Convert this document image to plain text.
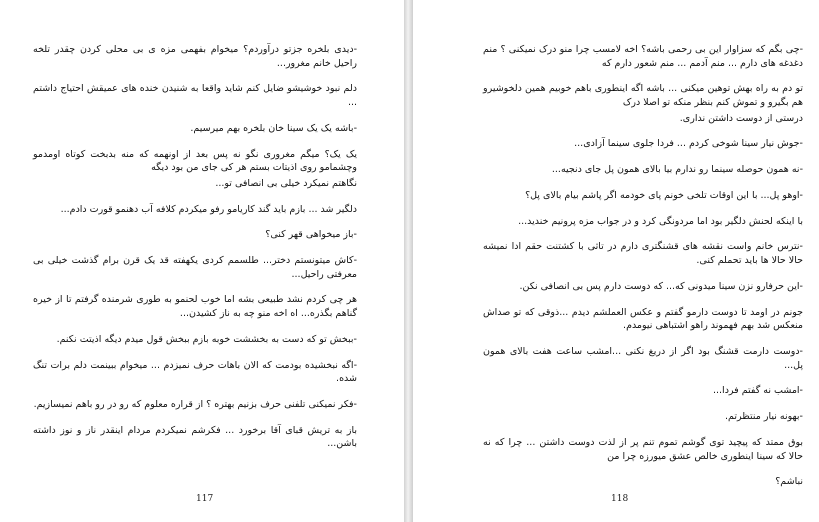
-دیدی بلخره جزتو درآوردم؟ میخوام بفهمی مزه ی بی محلی کردن چقدر تلخه راحیل خانم مغرور...

دلم نبود خوشیشو ضایل کنم شاید واقعا به شنیدن خنده های عمیقش احتیاج داشتم ...

-باشه یک یک سینا خان بلخره بهم میرسیم.

یک یک؟ میگم مغروری نگو نه پس بعد از اونهمه که منه بدبخت کوتاه اومدمو وچشمامو روی اذیتات بستم هر کی جای من بود دیگه

نگاهتم نمیکرد خیلی بی انصافی تو...

دلگیر شد ... بازم باید گند کاریامو رفو میکردم کلافه آب دهنمو قورت دادم...

-باز میخواهی قهر کنی؟

-کاش میتونستم دختر... طلسمم کردی یکهفته قد یک قرن برام گذشت خیلی بی معرفتی راحیل...

هر چی کردم نشد طبیعی بشه اما خوب لحنمو به طوری شرمنده گرفتم تا از خیره گناهم بگذره... اه اخه منو چه به ناز کشیدن...

-ببخش تو که دست به بخششت خوبه بازم ببخش قول میدم دیگه اذیتت نکنم.

-اگه نبخشیده بودمت که الان باهات حرف نمیزدم ... میخوام ببینمت دلم برات تنگ شده.

-فکر نمیکنی تلفنی حرف بزنیم بهتره ؟ از قراره معلوم که رو در رو باهم نمیسازیم.

باز به تریش قبای آقا برخورد ... فکرشم نمیکردم مردام اینقدر ناز و نوز داشته باشن...

117

-چی بگم که سزاوار این بی رحمی باشه؟ اخه لامسب چرا منو درک نمیکنی ؟ منم دغدغه های دارم ... منم آدمم ... منم شعور دارم که

تو دم به راه بهش توهین میکنی ... باشه اگه اینطوری باهم خوبیم همین دلخوشیرو هم بگیرو و تموش کنم بنظر منکه تو اصلا درک

درستی از دوست داشتن نداری.

-جوش نیار سینا شوخی کردم ... فردا جلوی سینما آزادی...

-نه همون حوصله سینما رو ندارم بیا بالای همون پل جای دنجیه...

-اوهو پل... با این اوقات تلخی خونم پای خودمه اگر پاشم بیام بالای پل؟

با اینکه لحنش دلگیر بود اما مردونگی کرد و در جواب مزه پرونیم خندید...

-نترس خانم واست نقشه های قشنگتری دارم در تاثی با کشتنت حقم ادا نمیشه حالا حالا ها باید تحملم کنی.

-این حرفارو نزن سینا میدونی که... که دوست دارم پس بی انصافی نکن.

جونم در اومد تا دوست دارمو گفتم و عکس العملشم دیدم ...ذوقی که تو صداش منعکس شد بهم فهموند راهو اشتباهی نیومدم.

-دوست دارمت قشنگ بود اگر از دریغ نکنی ...امشب ساعت هفت بالای همون پل...

-امشب نه گفتم فردا...

-بهونه نیار منتظرتم.

بوق ممتد که پیچید توی گوشم تموم تنم پر از لذت دوست داشتن ... چرا که نه حالا که سینا اینطوری خالص عشق میورزه چرا من

نباشم؟

118
